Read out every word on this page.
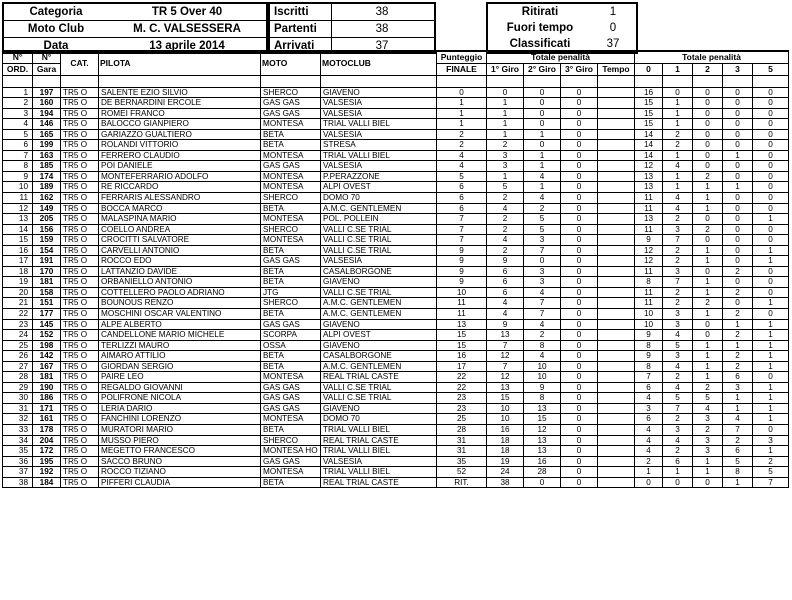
Categoria	TR 5 Over 40
Moto Club	M. C. VALSESSERA
Data	13 aprile 2014
Iscritti	38
Partenti	38
Arrivati	37
Ritirati	1
Fuori tempo	0
Classificati	37
N°	N°	CAT.	PILOTA	MOTO	MOTOCLUB	Punteggio	Totale penalità				Totale penalità				
ORD.	Gara					FINALE	1° Giro	2° Giro	3° Giro	Tempo	0	1	2	3	5

1	197	TR5 O	SALENTE EZIO SILVIO	SHERCO	GIAVENO	0	0	0	0		16	0	0	0	0
2	160	TR5 O	DE BERNARDINI ERCOLE	GAS GAS	VALSESIA	1	1	0	0		15	1	0	0	0
3	194	TR5 O	ROMEI FRANCO	GAS GAS	VALSESIA	1	1	0	0		15	1	0	0	0
4	146	TR5 O	BALOCCO GIANPIERO	MONTESA	TRIAL VALLI BIEL	1	1	0	0		15	1	0	0	0
5	165	TR5 O	GARIAZZO GUALTIERO	BETA	VALSESIA	2	1	1	0		14	2	0	0	0
6	199	TR5 O	ROLANDI VITTORIO	BETA	STRESA	2	2	0	0		14	2	0	0	0
7	163	TR5 O	FERRERO CLAUDIO	MONTESA	TRIAL VALLI BIEL	4	3	1	0		14	1	0	1	0
8	185	TR5 O	POI DANIELE	GAS GAS	VALSESIA	4	3	1	0		12	4	0	0	0
9	174	TR5 O	MONTEFERRARIO ADOLFO	MONTESA	P.PERAZZONE	5	1	4	0		13	1	2	0	0
10	189	TR5 O	RE RICCARDO	MONTESA	ALPI OVEST	6	5	1	0		13	1	1	1	0
11	162	TR5 O	FERRARIS ALESSANDRO	SHERCO	DOMO 70	6	2	4	0		11	4	1	0	0
12	149	TR5 O	BOCCA MARCO	BETA	A.M.C. GENTLEMEN	6	4	2	0		11	4	1	0	0
13	205	TR5 O	MALASPINA MARIO	MONTESA	POL. POLLEIN	7	2	5	0		13	2	0	0	1
14	156	TR5 O	COELLO ANDREA	SHERCO	VALLI C.SE TRIAL	7	2	5	0		11	3	2	0	0
15	159	TR5 O	CROCITTI SALVATORE	MONTESA	VALLI C.SE TRIAL	7	4	3	0		9	7	0	0	0
16	154	TR5 O	CARVELLI ANTONIO	BETA	VALLI C.SE TRIAL	9	2	7	0		12	2	1	0	1
17	191	TR5 O	ROCCO EDO	GAS GAS	VALSESIA	9	9	0	0		12	2	1	0	1
18	170	TR5 O	LATTANZIO DAVIDE	BETA	CASALBORGONE	9	6	3	0		11	3	0	2	0
19	181	TR5 O	ORBANIELLO ANTONIO	BETA	GIAVENO	9	6	3	0		8	7	1	0	0
20	158	TR5 O	COTTELLERO PAOLO ADRIANO	JTG	VALLI C.SE TRIAL	10	6	4	0		11	2	1	2	0
21	151	TR5 O	BOUNOUS RENZO	SHERCO	A.M.C. GENTLEMEN	11	4	7	0		11	2	2	0	1
22	177	TR5 O	MOSCHINI OSCAR VALENTINO	BETA	A.M.C. GENTLEMEN	11	4	7	0		10	3	1	2	0
23	145	TR5 O	ALPE ALBERTO	GAS GAS	GIAVENO	13	9	4	0		10	3	0	1	1
24	152	TR5 O	CANDELLONE MARIO MICHELE	SCORPA	ALPI OVEST	15	13	2	0		9	4	0	2	1
25	198	TR5 O	TERLIZZI MAURO	OSSA	GIAVENO	15	7	8	0		8	5	1	1	1
26	142	TR5 O	AIMARO ATTILIO	BETA	CASALBORGONE	16	12	4	0		9	3	1	2	1
27	167	TR5 O	GIORDAN SERGIO	BETA	A.M.C. GENTLEMEN	17	7	10	0		8	4	1	2	1
28	181	TR5 O	PAIRE LEO	MONTESA	REAL TRIAL CASTE	22	12	10	0		7	2	1	6	0
29	190	TR5 O	REGALDO GIOVANNI	GAS GAS	VALLI C.SE TRIAL	22	13	9	0		6	4	2	3	1
30	186	TR5 O	POLIFRONE NICOLA	GAS GAS	VALLI C.SE TRIAL	23	15	8	0		4	5	5	1	1
31	171	TR5 O	LERIA DARIO	GAS GAS	GIAVENO	23	10	13	0		3	7	4	1	1
32	161	TR5 O	FANCHINI LORENZO	MONTESA	DOMO 70	25	10	15	0		6	2	3	4	1
33	178	TR5 O	MURATORI MARIO	BETA	TRIAL VALLI BIEL	28	16	12	0		4	3	2	7	0
34	204	TR5 O	MUSSO PIERO	SHERCO	REAL TRIAL CASTE	31	18	13	0		4	4	3	2	3
35	172	TR5 O	MEGETTO FRANCESCO	MONTESA HO	TRIAL VALLI BIEL	31	18	13	0		4	2	3	6	1
36	195	TR5 O	SACCO BRUNO	GAS GAS	VALSESIA	35	19	16	0		2	6	1	5	2
37	192	TR5 O	ROCCO TIZIANO	MONTESA	TRIAL VALLI BIEL	52	24	28	0		1	1	1	8	5
38	184	TR5 O	PIFFERI CLAUDIA	BETA	REAL TRIAL CASTE	RIT.	38	0	0		0	0	0	1	7
